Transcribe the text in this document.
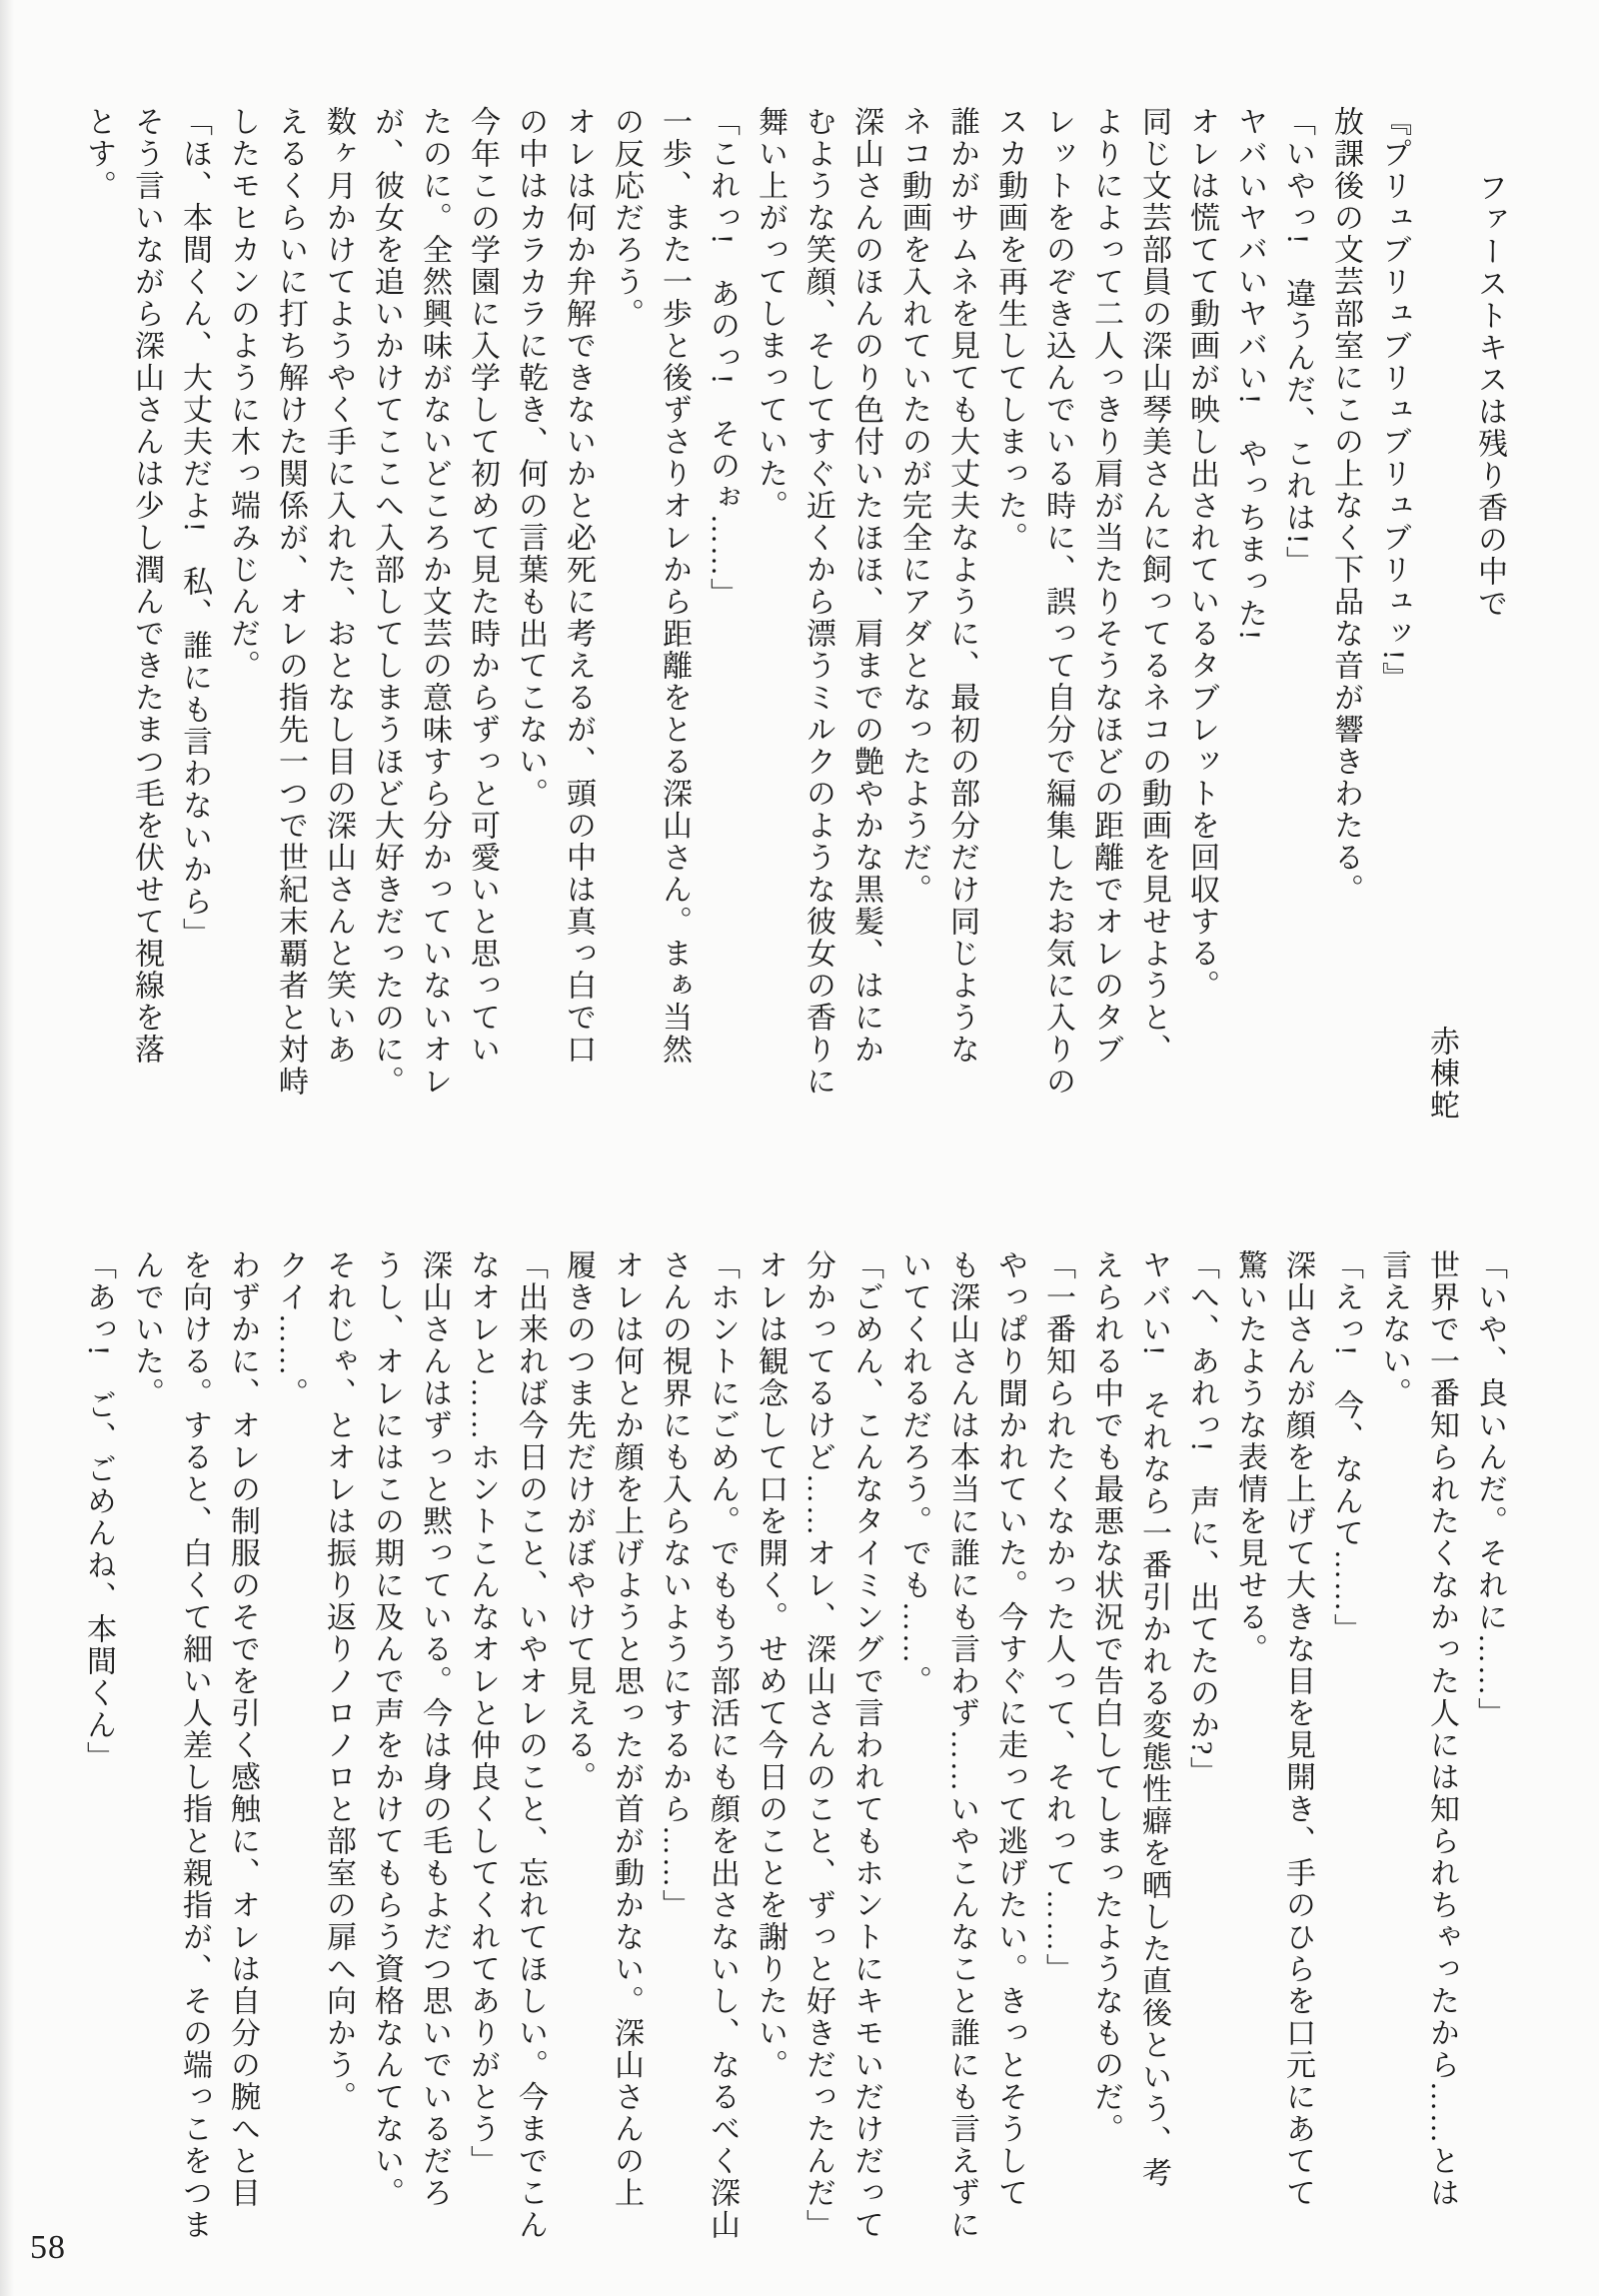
ファーストキスは残り香の中で

赤棟蛇

『プリュブリュブリュブリュブリュッ!』

放課後の文芸部室にこの上なく下品な音が響きわたる。

「いやっ!　違うんだ、これは!」

ヤバいヤバいヤバい!　やっちまった!

オレは慌てて動画が映し出されているタブレットを回収する。

同じ文芸部員の深山琴美さんに飼ってるネコの動画を見せようと、

よりによって二人っきり肩が当たりそうなほどの距離でオレのタブ

レットをのぞき込んでいる時に、誤って自分で編集したお気に入りの

スカ動画を再生してしまった。

誰かがサムネを見ても大丈夫なように、最初の部分だけ同じような

ネコ動画を入れていたのが完全にアダとなったようだ。

深山さんのほんのり色付いたほほ、肩までの艶やかな黒髪、はにか

むような笑顔、そしてすぐ近くから漂うミルクのような彼女の香りに

舞い上がってしまっていた。

「これっ!　あのっ!　そのぉ……」

一歩、また一歩と後ずさりオレから距離をとる深山さん。まぁ当然

の反応だろう。

オレは何か弁解できないかと必死に考えるが、頭の中は真っ白で口

の中はカラカラに乾き、何の言葉も出てこない。

今年この学園に入学して初めて見た時からずっと可愛いと思ってい

たのに。全然興味がないどころか文芸の意味すら分かっていないオレ

が、彼女を追いかけてここへ入部してしまうほど大好きだったのに。

数ヶ月かけてようやく手に入れた、おとなし目の深山さんと笑いあ

えるくらいに打ち解けた関係が、オレの指先一つで世紀末覇者と対峙

したモヒカンのように木っ端みじんだ。

「ほ、本間くん、大丈夫だよ!　私、誰にも言わないから」

そう言いながら深山さんは少し潤んできたまつ毛を伏せて視線を落

とす。

「いや、良いんだ。それに……」

世界で一番知られたくなかった人には知られちゃったから……とは

言えない。

「えっ!　今、なんて……」

深山さんが顔を上げて大きな目を見開き、手のひらを口元にあてて

驚いたような表情を見せる。

「へ、あれっ!　声に、出てたのか?」

ヤバい!　それなら一番引かれる変態性癖を晒した直後という、考

えられる中でも最悪な状況で告白してしまったようなものだ。

「一番知られたくなかった人って、それって……」

やっぱり聞かれていた。今すぐに走って逃げたい。きっとそうして

も深山さんは本当に誰にも言わず……いやこんなこと誰にも言えずに

いてくれるだろう。でも……。

「ごめん、こんなタイミングで言われてもホントにキモいだけだって

分かってるけど……オレ、深山さんのこと、ずっと好きだったんだ」

オレは観念して口を開く。せめて今日のことを謝りたい。

「ホントにごめん。でももう部活にも顔を出さないし、なるべく深山

さんの視界にも入らないようにするから……」

オレは何とか顔を上げようと思ったが首が動かない。深山さんの上

履きのつま先だけがぼやけて見える。

「出来れば今日のこと、いやオレのこと、忘れてほしい。今までこん

なオレと……ホントこんなオレと仲良くしてくれてありがとう」

深山さんはずっと黙っている。今は身の毛もよだつ思いでいるだろ

うし、オレにはこの期に及んで声をかけてもらう資格なんてない。

それじゃ、とオレは振り返りノロノロと部室の扉へ向かう。

クイ……。

わずかに、オレの制服のそでを引く感触に、オレは自分の腕へと目

を向ける。すると、白くて細い人差し指と親指が、その端っこをつま

んでいた。

「あっ!　ご、ごめんね、本間くん」

58
